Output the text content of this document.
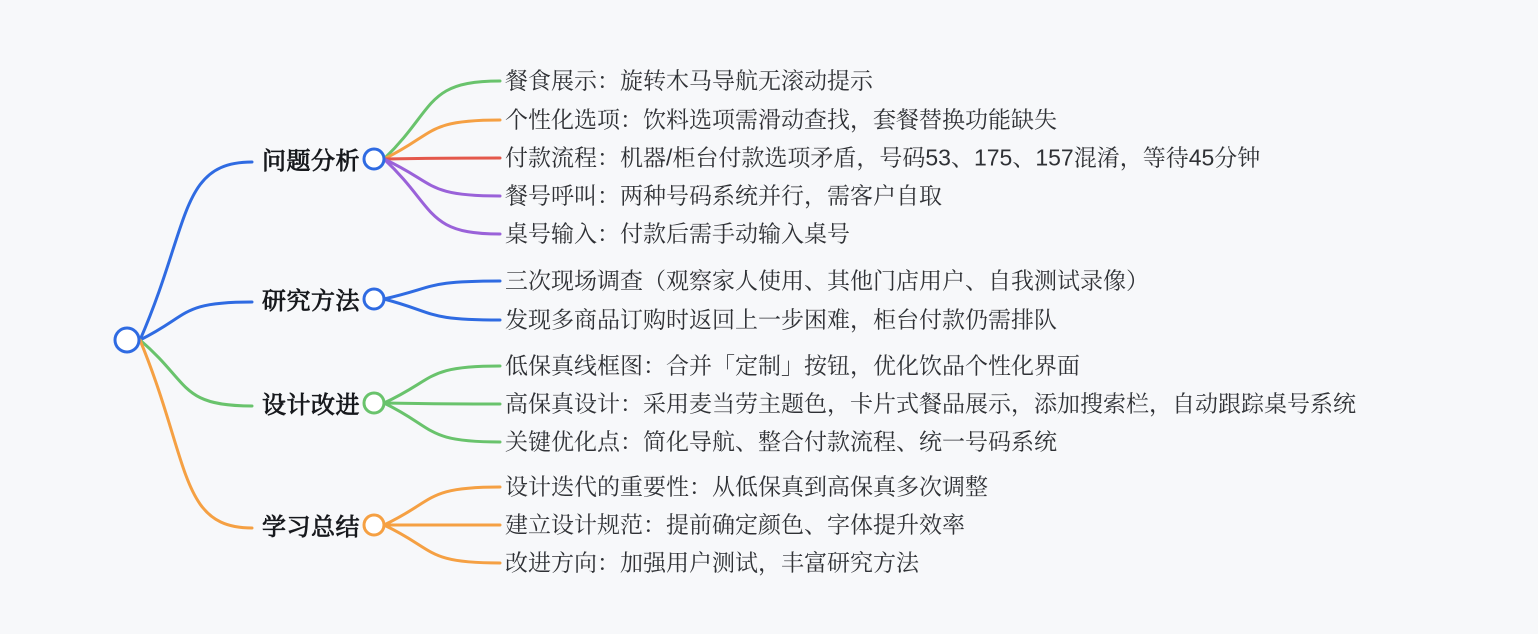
问题分析
餐食展示：旋转木马导航无滚动提示
个性化选项：饮料选项需滑动查找，套餐替换功能缺失
付款流程：机器/柜台付款选项矛盾，号码53、175、157混淆，等待45分钟
餐号呼叫：两种号码系统并行，需客户自取
桌号输入：付款后需手动输入桌号
研究方法
三次现场调查（观察家人使用、其他门店用户、自我测试录像）
发现多商品订购时返回上一步困难，柜台付款仍需排队
设计改进
低保真线框图：合并「定制」按钮，优化饮品个性化界面
高保真设计：采用麦当劳主题色，卡片式餐品展示，添加搜索栏，自动跟踪桌号系统
关键优化点：简化导航、整合付款流程、统一号码系统
学习总结
设计迭代的重要性：从低保真到高保真多次调整
建立设计规范：提前确定颜色、字体提升效率
改进方向：加强用户测试，丰富研究方法
